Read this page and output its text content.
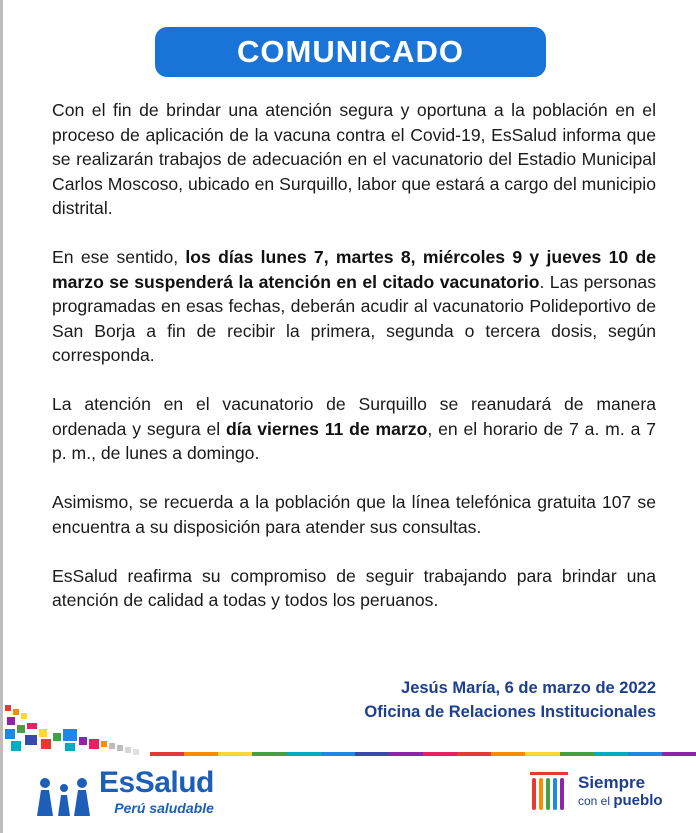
COMUNICADO

Con el fin de brindar una atención segura y oportuna a la población en el proceso de aplicación de la vacuna contra el Covid-19, EsSalud informa que se realizarán trabajos de adecuación en el vacunatorio del Estadio Municipal Carlos Moscoso, ubicado en Surquillo, labor que estará a cargo del municipio distrital.

En ese sentido, los días lunes 7, martes 8, miércoles 9 y jueves 10 de marzo se suspenderá la atención en el citado vacunatorio. Las personas programadas en esas fechas, deberán acudir al vacunatorio Polideportivo de San Borja a fin de recibir la primera, segunda o tercera dosis, según corresponda.

La atención en el vacunatorio de Surquillo se reanudará de manera ordenada y segura el día viernes 11 de marzo, en el horario de 7 a. m. a 7 p. m., de lunes a domingo.

Asimismo, se recuerda a la población que la línea telefónica gratuita 107 se encuentra a su disposición para atender sus consultas.

EsSalud reafirma su compromiso de seguir trabajando para brindar una atención de calidad a todas y todos los peruanos.

Jesús María, 6 de marzo de 2022
Oficina de Relaciones Institucionales
EsSalud
Perú saludable
Siempre
con el pueblo
